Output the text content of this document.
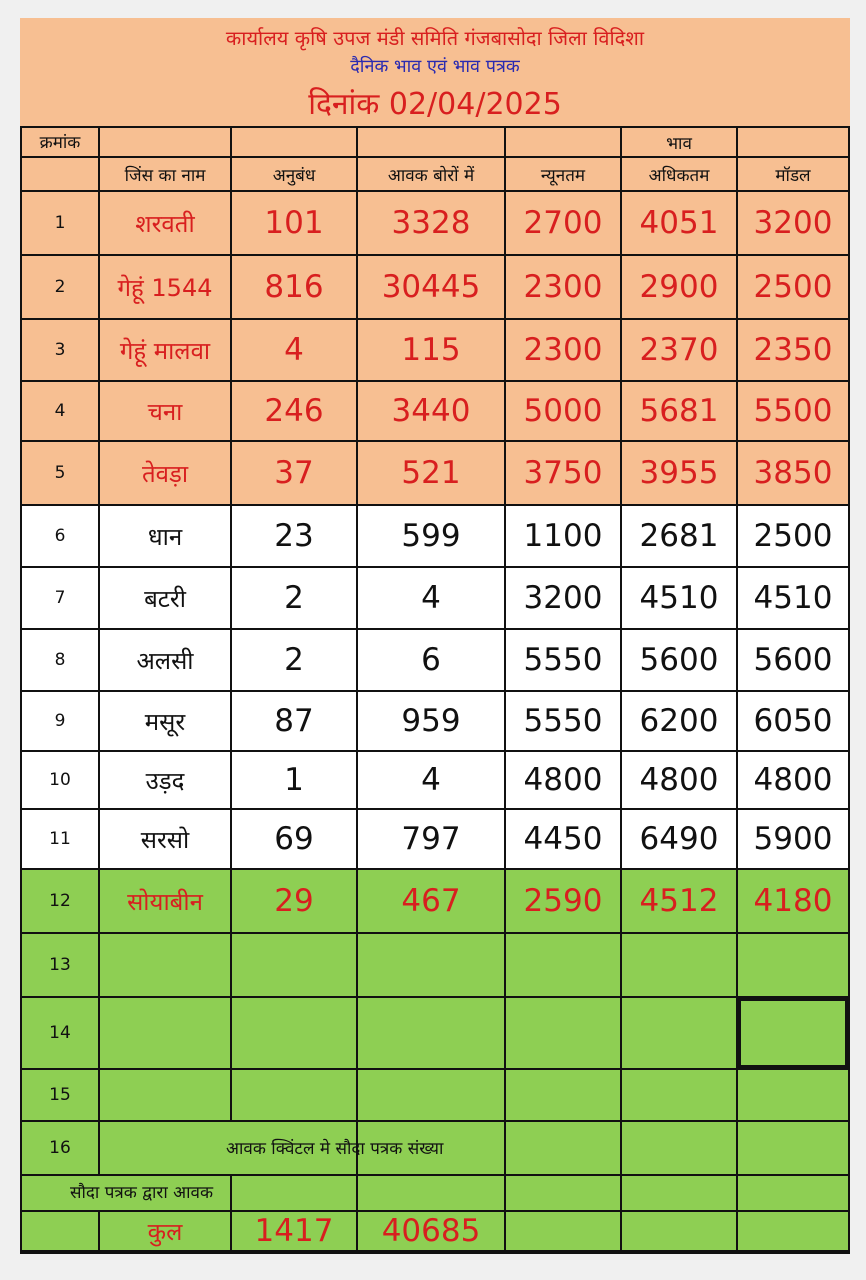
कार्यालय कृषि उपज मंडी समिति गंजबासोदा जिला विदिशा
दैनिक भाव एवं भाव पत्रक
दिनांक 02/04/2025
क्रमांक	भाव
जिंस का नाम	अनुबंध	आवक बोरों में	न्यूनतम	अधिकतम	मॉडल
1	शरवती	101	3328	2700	4051	3200
2	गेहूं 1544	816	30445	2300	2900	2500
3	गेहूं मालवा	4	115	2300	2370	2350
4	चना	246	3440	5000	5681	5500
5	तेवड़ा	37	521	3750	3955	3850
6	धान	23	599	1100	2681	2500
7	बटरी	2	4	3200	4510	4510
8	अलसी	2	6	5550	5600	5600
9	मसूर	87	959	5550	6200	6050
10	उड़द	1	4	4800	4800	4800
11	सरसो	69	797	4450	6490	5900
12	सोयाबीन	29	467	2590	4512	4180
13
14
15
16	आवक क्विंटल मे सौदा पत्रक संख्या
सौदा पत्रक द्वारा आवक
कुल	1417	40685
